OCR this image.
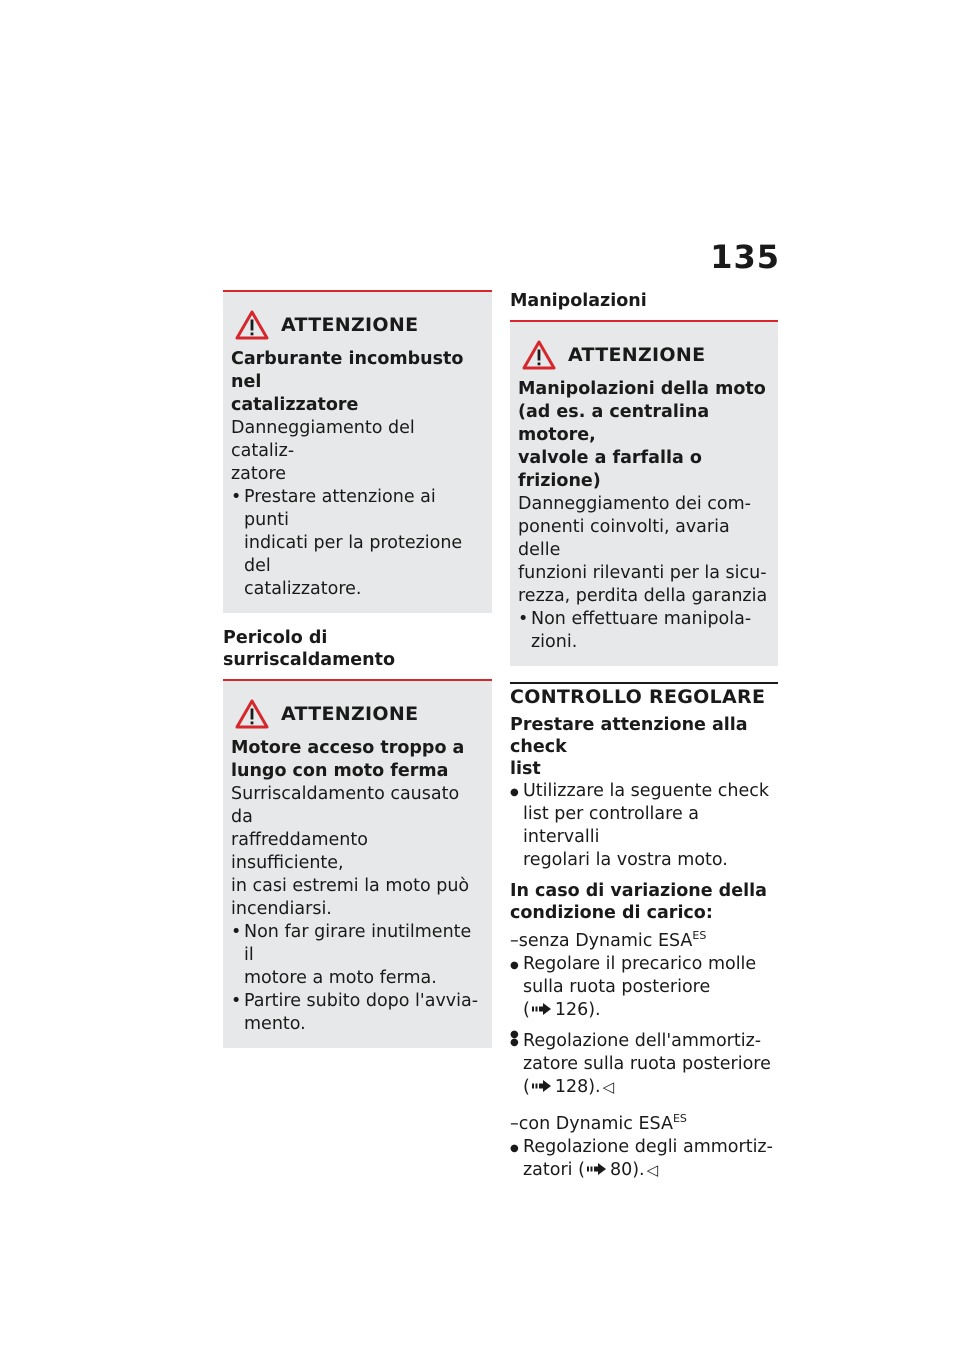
135
ATTENZIONE
Carburante incombusto nel
catalizzatore
Danneggiamento del cataliz-
zatore
• Prestare attenzione ai punti
indicati per la protezione del
catalizzatore.
Pericolo di surriscaldamento
ATTENZIONE
Motore acceso troppo a
lungo con moto ferma
Surriscaldamento causato da
raffreddamento insufficiente,
in casi estremi la moto può
incendiarsi.
• Non far girare inutilmente il
motore a moto ferma.
• Partire subito dopo l'avvia-
mento.
Manipolazioni
ATTENZIONE
Manipolazioni della moto
(ad es. a centralina motore,
valvole a farfalla o frizione)
Danneggiamento dei com-
ponenti coinvolti, avaria delle
funzioni rilevanti per la sicu-
rezza, perdita della garanzia
• Non effettuare manipola-
zioni.
CONTROLLO REGOLARE
Prestare attenzione alla check
list
● Utilizzare la seguente check
list per controllare a intervalli
regolari la vostra moto.
In caso di variazione della
condizione di carico:
–senza Dynamic $ESA^{ES}$
● Regolare il precarico molle
sulla ruota posteriore
( 126).
●
● Regolazione dell'ammortiz-
zatore sulla ruota posteriore
( 128). ◁
–con Dynamic $ESA^{ES}$
● Regolazione degli ammortiz-
zatori ( 80). ◁
